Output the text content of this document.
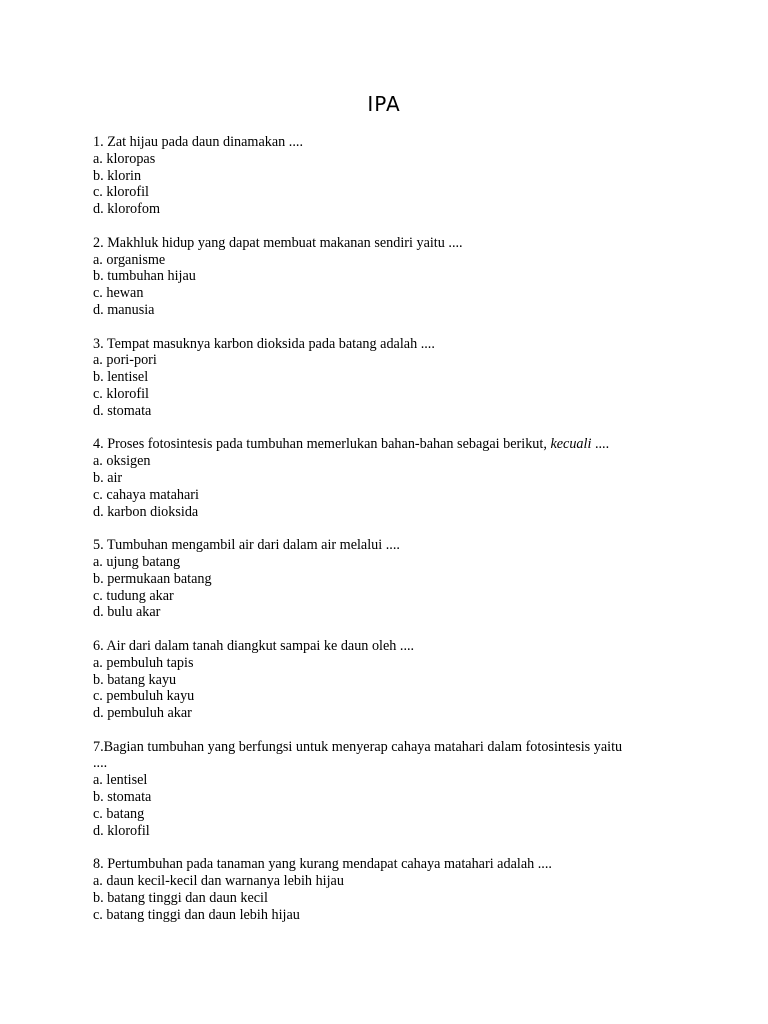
IPA
1. Zat hijau pada daun dinamakan ....
a. kloropas
b. klorin
c. klorofil
d. klorofom
2. Makhluk hidup yang dapat membuat makanan sendiri yaitu ....
a. organisme
b. tumbuhan hijau
c. hewan
d. manusia
3. Tempat masuknya karbon dioksida pada batang adalah ....
a. pori-pori
b. lentisel
c. klorofil
d. stomata
4. Proses fotosintesis pada tumbuhan memerlukan bahan-bahan sebagai berikut, kecuali ....
a. oksigen
b. air
c. cahaya matahari
d. karbon dioksida
5. Tumbuhan mengambil air dari dalam air melalui ....
a. ujung batang
b. permukaan batang
c. tudung akar
d. bulu akar
6. Air dari dalam tanah diangkut sampai ke daun oleh ....
a. pembuluh tapis
b. batang kayu
c. pembuluh kayu
d. pembuluh akar
7.Bagian tumbuhan yang berfungsi untuk menyerap cahaya matahari dalam fotosintesis yaitu
....
a. lentisel
b. stomata
c. batang
d. klorofil
8. Pertumbuhan pada tanaman yang kurang mendapat cahaya matahari adalah ....
a. daun kecil-kecil dan warnanya lebih hijau
b. batang tinggi dan daun kecil
c. batang tinggi dan daun lebih hijau
